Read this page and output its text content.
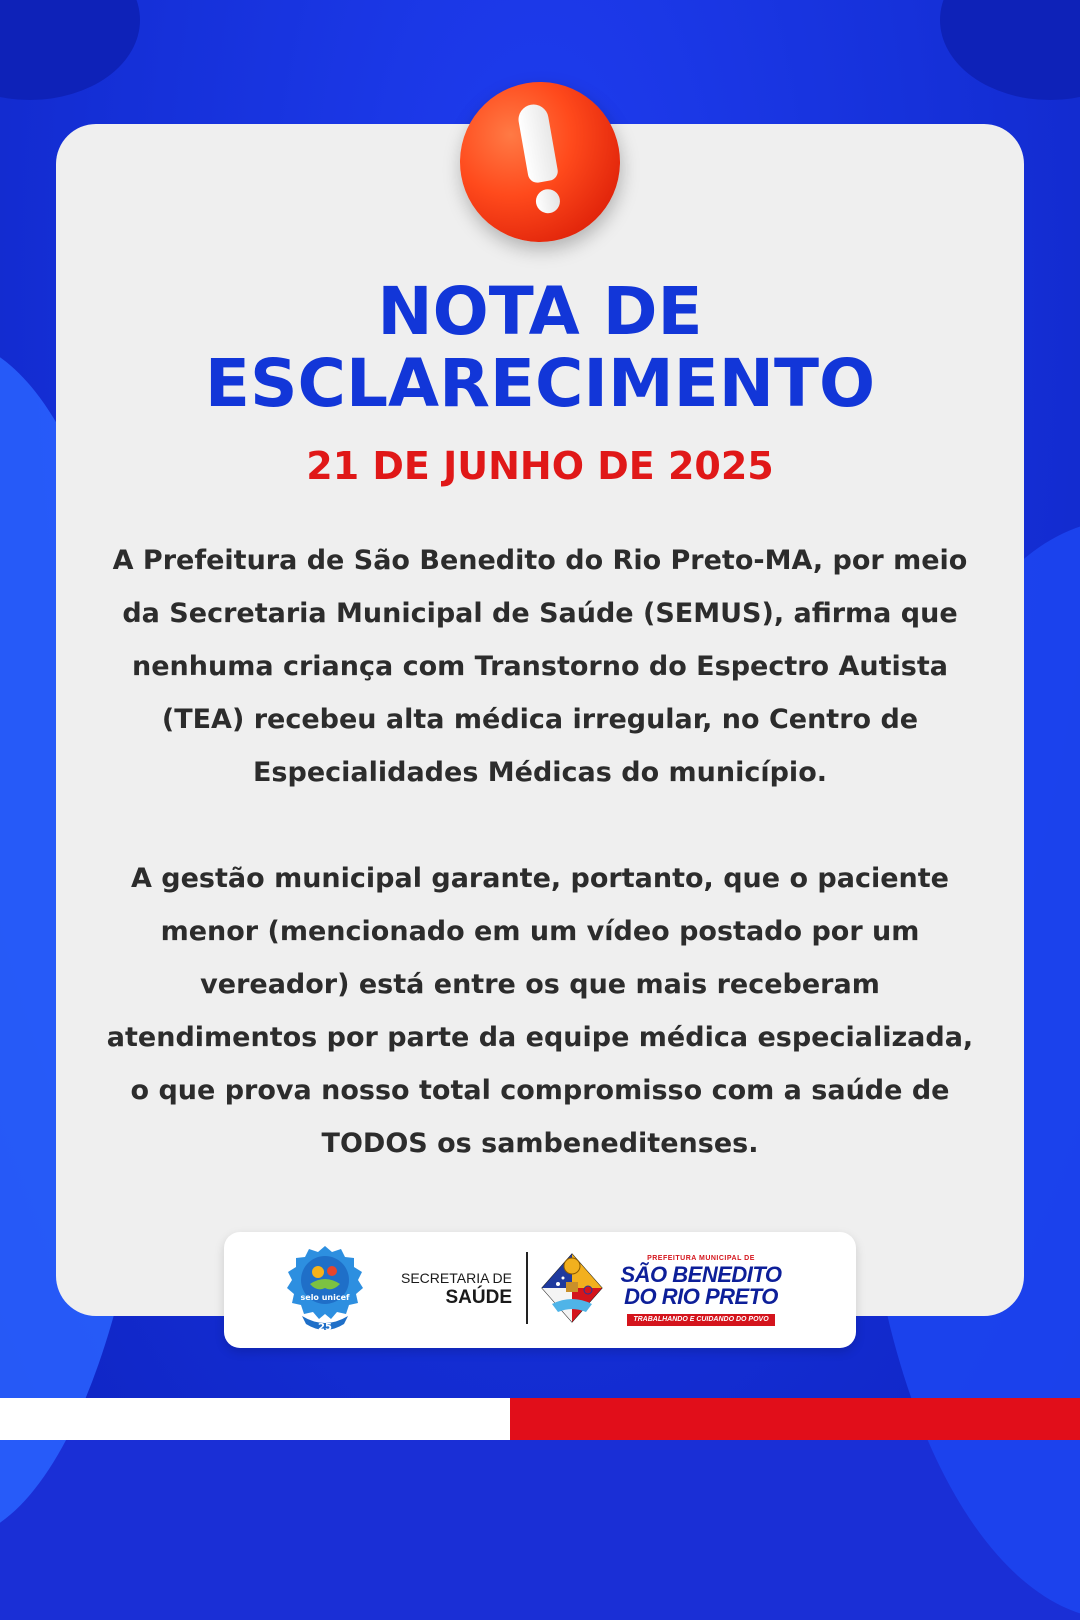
NOTA DE
ESCLARECIMENTO
21 DE JUNHO DE 2025
A Prefeitura de São Benedito do Rio Preto-MA, por meio
da Secretaria Municipal de Saúde (SEMUS), afirma que
nenhuma criança com Transtorno do Espectro Autista
(TEA) recebeu alta médica irregular, no Centro de
Especialidades Médicas do município.
A gestão municipal garante, portanto, que o paciente
menor (mencionado em um vídeo postado por um
vereador) está entre os que mais receberam
atendimentos por parte da equipe médica especializada,
o que prova nosso total compromisso com a saúde de
TODOS os sambeneditenses.
selo unicef
25
SECRETARIA DE
SAÚDE
PREFEITURA MUNICIPAL DE
SÃO BENEDITO
DO RIO PRETO
TRABALHANDO E CUIDANDO DO POVO
